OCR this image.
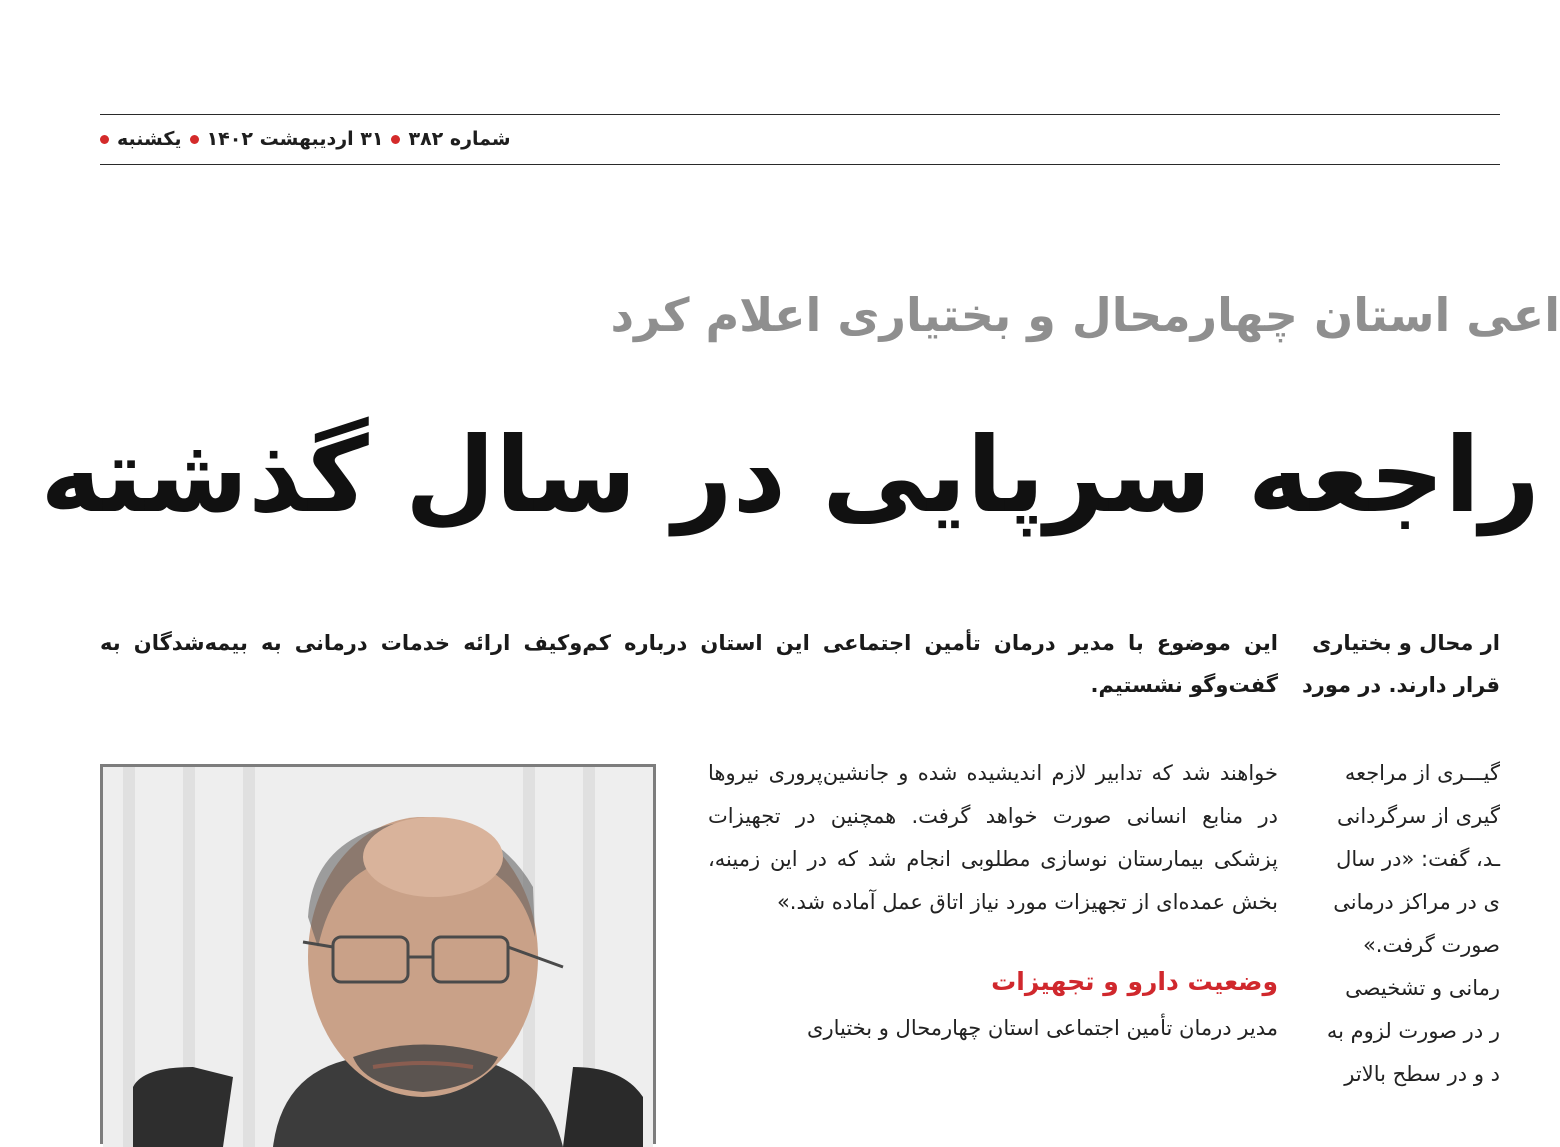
یکشنبه ۳۱ اردیبهشت ۱۴۰۲ شماره ۳۸۲
اعی استان چهارمحال و بختیاری اعلام کرد
راجعه سرپایی در سال گذشته
این موضوع با مدیر درمان تأمین اجتماعی این استان درباره کم‌وکیف ارائه خدمات درمانی به بیمه‌شدگان به گفت‌وگو نشستیم.
ار محال و بختیاری
قرار دارند. در مورد

خواهند شد که تدابیر لازم اندیشیده شده و جانشین‌پروری نیروها در منابع انسانی صورت خواهد گرفت. همچنین در تجهیزات پزشکی بیمارستان نوسازی مطلوبی انجام شد که در این زمینه، بخش عمده‌ای از تجهیزات مورد نیاز اتاق عمل آماده شد.»

وضعیت دارو و تجهیزات

مدیر درمان تأمین اجتماعی استان چهارمحال و بختیاری

گیـــری از مراجعه
گیری از سرگردانی
ـد، گفت: «در سال
ی در مراکز درمانی
صورت گرفت.»
رمانی و تشخیصی
ر در صورت لزوم به
د و در سطح بالاتر
